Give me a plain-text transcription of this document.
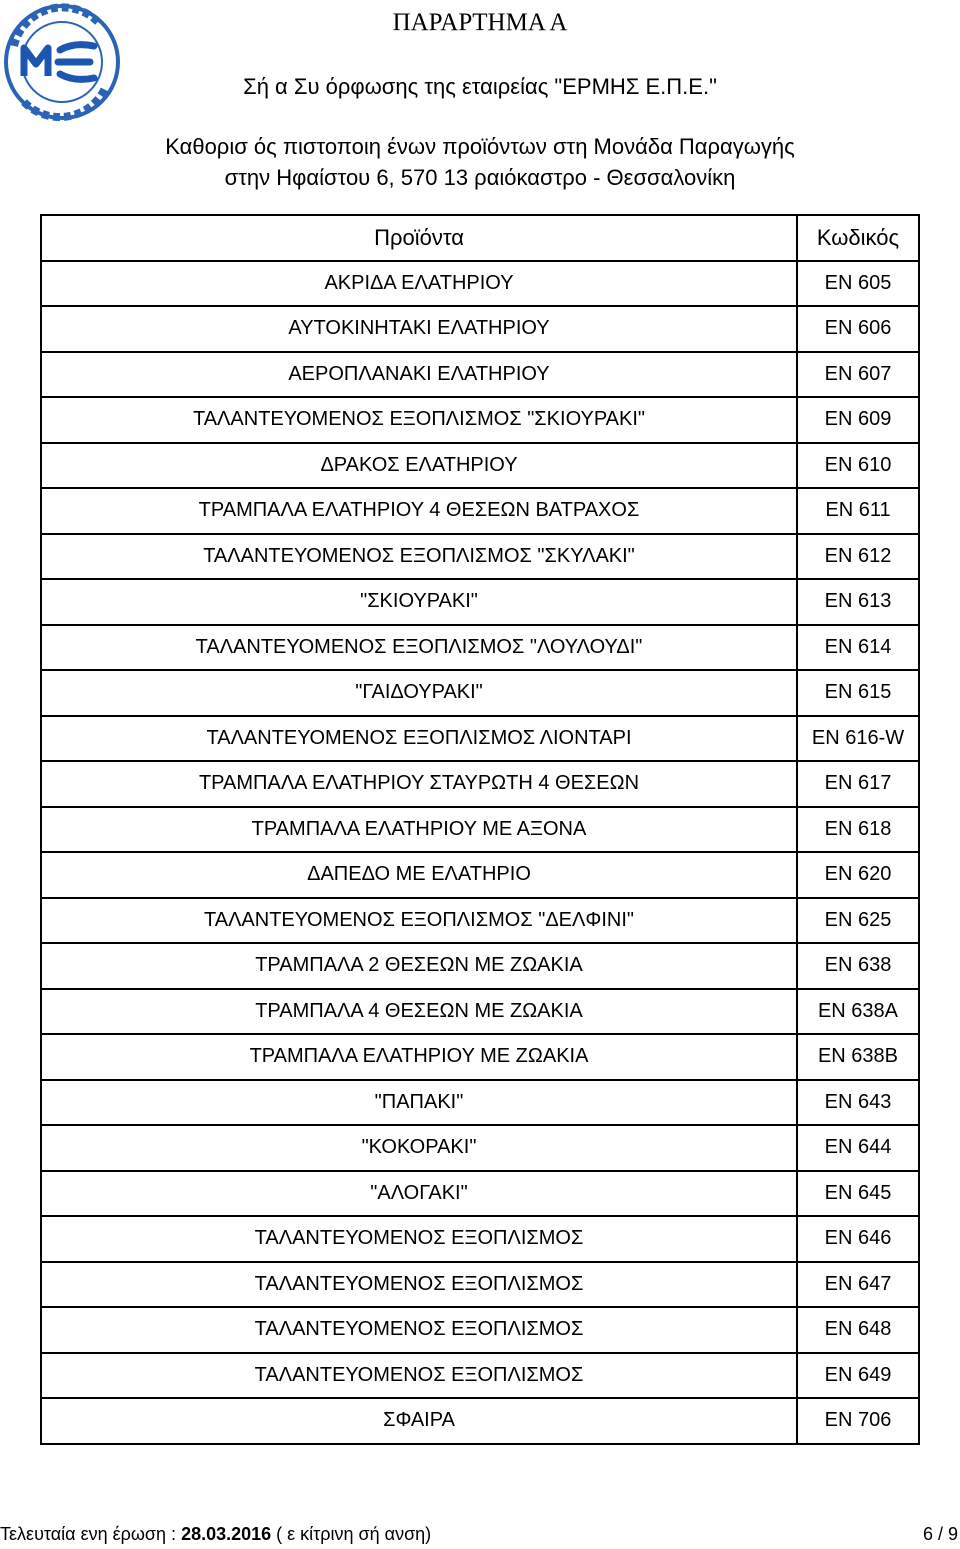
ΠΑΡΑΡΤΗΜΑ Α
Σή α Συ όρφωσης της εταιρείας "ΕΡΜΗΣ Ε.Π.Ε."
Καθορισ ός πιστοποιη ένων προϊόντων στη Μονάδα Παραγωγής
στην Ηφαίστου 6, 570 13 ραιόκαστρο - Θεσσαλονίκη
Προϊόντα	Κωδικός
ΑΚΡΙΔΑ ΕΛΑΤΗΡΙΟΥ	EN 605
ΑΥΤΟΚΙΝΗΤΑΚΙ ΕΛΑΤΗΡΙΟΥ	EN 606
ΑΕΡΟΠΛΑΝΑΚΙ ΕΛΑΤΗΡΙΟΥ	EN 607
ΤΑΛΑΝΤΕΥΟΜΕΝΟΣ ΕΞΟΠΛΙΣΜΟΣ "ΣΚΙΟΥΡΑΚΙ"	EN 609
ΔΡΑΚΟΣ ΕΛΑΤΗΡΙΟΥ	EN 610
ΤΡΑΜΠΑΛΑ ΕΛΑΤΗΡΙΟΥ 4 ΘΕΣΕΩΝ ΒΑΤΡΑΧΟΣ	EN 611
ΤΑΛΑΝΤΕΥΟΜΕΝΟΣ ΕΞΟΠΛΙΣΜΟΣ "ΣΚΥΛΑΚΙ"	EN 612
"ΣΚΙΟΥΡΑΚΙ"	EN 613
ΤΑΛΑΝΤΕΥΟΜΕΝΟΣ ΕΞΟΠΛΙΣΜΟΣ "ΛΟΥΛΟΥΔΙ"	EN 614
"ΓΑΙΔΟΥΡΑΚΙ"	EN 615
ΤΑΛΑΝΤΕΥΟΜΕΝΟΣ ΕΞΟΠΛΙΣΜΟΣ ΛΙΟΝΤΑΡΙ	EN 616-W
ΤΡΑΜΠΑΛΑ ΕΛΑΤΗΡΙΟΥ ΣΤΑΥΡΩΤΗ 4 ΘΕΣΕΩΝ	EN 617
ΤΡΑΜΠΑΛΑ ΕΛΑΤΗΡΙΟΥ ΜΕ ΑΞΟΝΑ	EN 618
ΔΑΠΕΔΟ ΜΕ ΕΛΑΤΗΡΙΟ	EN 620
ΤΑΛΑΝΤΕΥΟΜΕΝΟΣ ΕΞΟΠΛΙΣΜΟΣ "ΔΕΛΦΙΝΙ"	EN 625
ΤΡΑΜΠΑΛΑ 2 ΘΕΣΕΩΝ ΜΕ ΖΩΑΚΙΑ	EN 638
ΤΡΑΜΠΑΛΑ 4 ΘΕΣΕΩΝ ΜΕ ΖΩΑΚΙΑ	EN 638A
ΤΡΑΜΠΑΛΑ ΕΛΑΤΗΡΙΟΥ ΜΕ ΖΩΑΚΙΑ	EN 638B
"ΠΑΠΑΚΙ"	EN 643
"ΚΟΚΟΡΑΚΙ"	EN 644
"ΑΛΟΓΑΚΙ"	EN 645
ΤΑΛΑΝΤΕΥΟΜΕΝΟΣ ΕΞΟΠΛΙΣΜΟΣ	EN 646
ΤΑΛΑΝΤΕΥΟΜΕΝΟΣ ΕΞΟΠΛΙΣΜΟΣ	EN 647
ΤΑΛΑΝΤΕΥΟΜΕΝΟΣ ΕΞΟΠΛΙΣΜΟΣ	EN 648
ΤΑΛΑΝΤΕΥΟΜΕΝΟΣ ΕΞΟΠΛΙΣΜΟΣ	EN 649
ΣΦΑΙΡΑ	EN 706
Τελευταία ενη έρωση : 28.03.2016 ( ε κίτρινη σή ανση)	6 / 9
